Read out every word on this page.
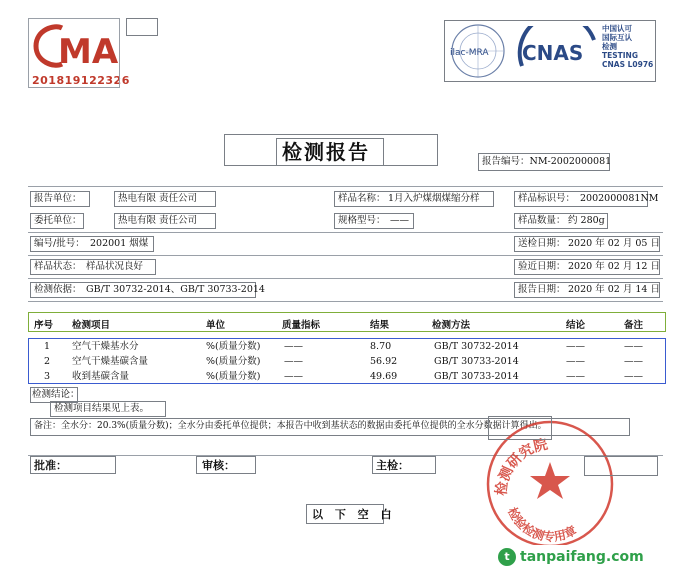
MA
201819122326
ilac-MRA CNAS
中国认可
国际互认
检测
TESTING
CNAS L0976
检测报告	报告编号：NM-2002000081
报告单位：	热电有限 责任公司	样品名称： 1月入炉煤烟煤缩分样	样品标识号： 2002000081NM
委托单位：	热电有限 责任公司	规格型号： ——	样品数量： 约 280g
编号/批号： 202001 烟煤	送检日期： 2020 年 02 月 05 日
样品状态： 样品状况良好	验近日期： 2020 年 02 月 12 日
检测依据： GB/T 30732-2014、GB/T 30733-2014	报告日期： 2020 年 02 月 14 日
序号 检测项目	单位	质量指标	结果	检测方法	结论	备注
1 空气干燥基水分	%(质量分数) ——	8.70	GB/T 30732-2014	——	——
2 空气干燥基碳含量	%(质量分数) ——	56.92	GB/T 30733-2014	——	——
3 收到基碳含量	%(质量分数) ——	49.69	GB/T 30733-2014	——	——
检测结论：
检测项目结果见上表。
备注：全水分：20.3%(质量分数)；全水分由委托单位提供；本报告中收到基状态的数据由委托单位提供的全水分数据计算得出。
批准：	审核：	主检：
以 下 空 白
检测研究院
检验检测专用章
t tanpaifang.com
